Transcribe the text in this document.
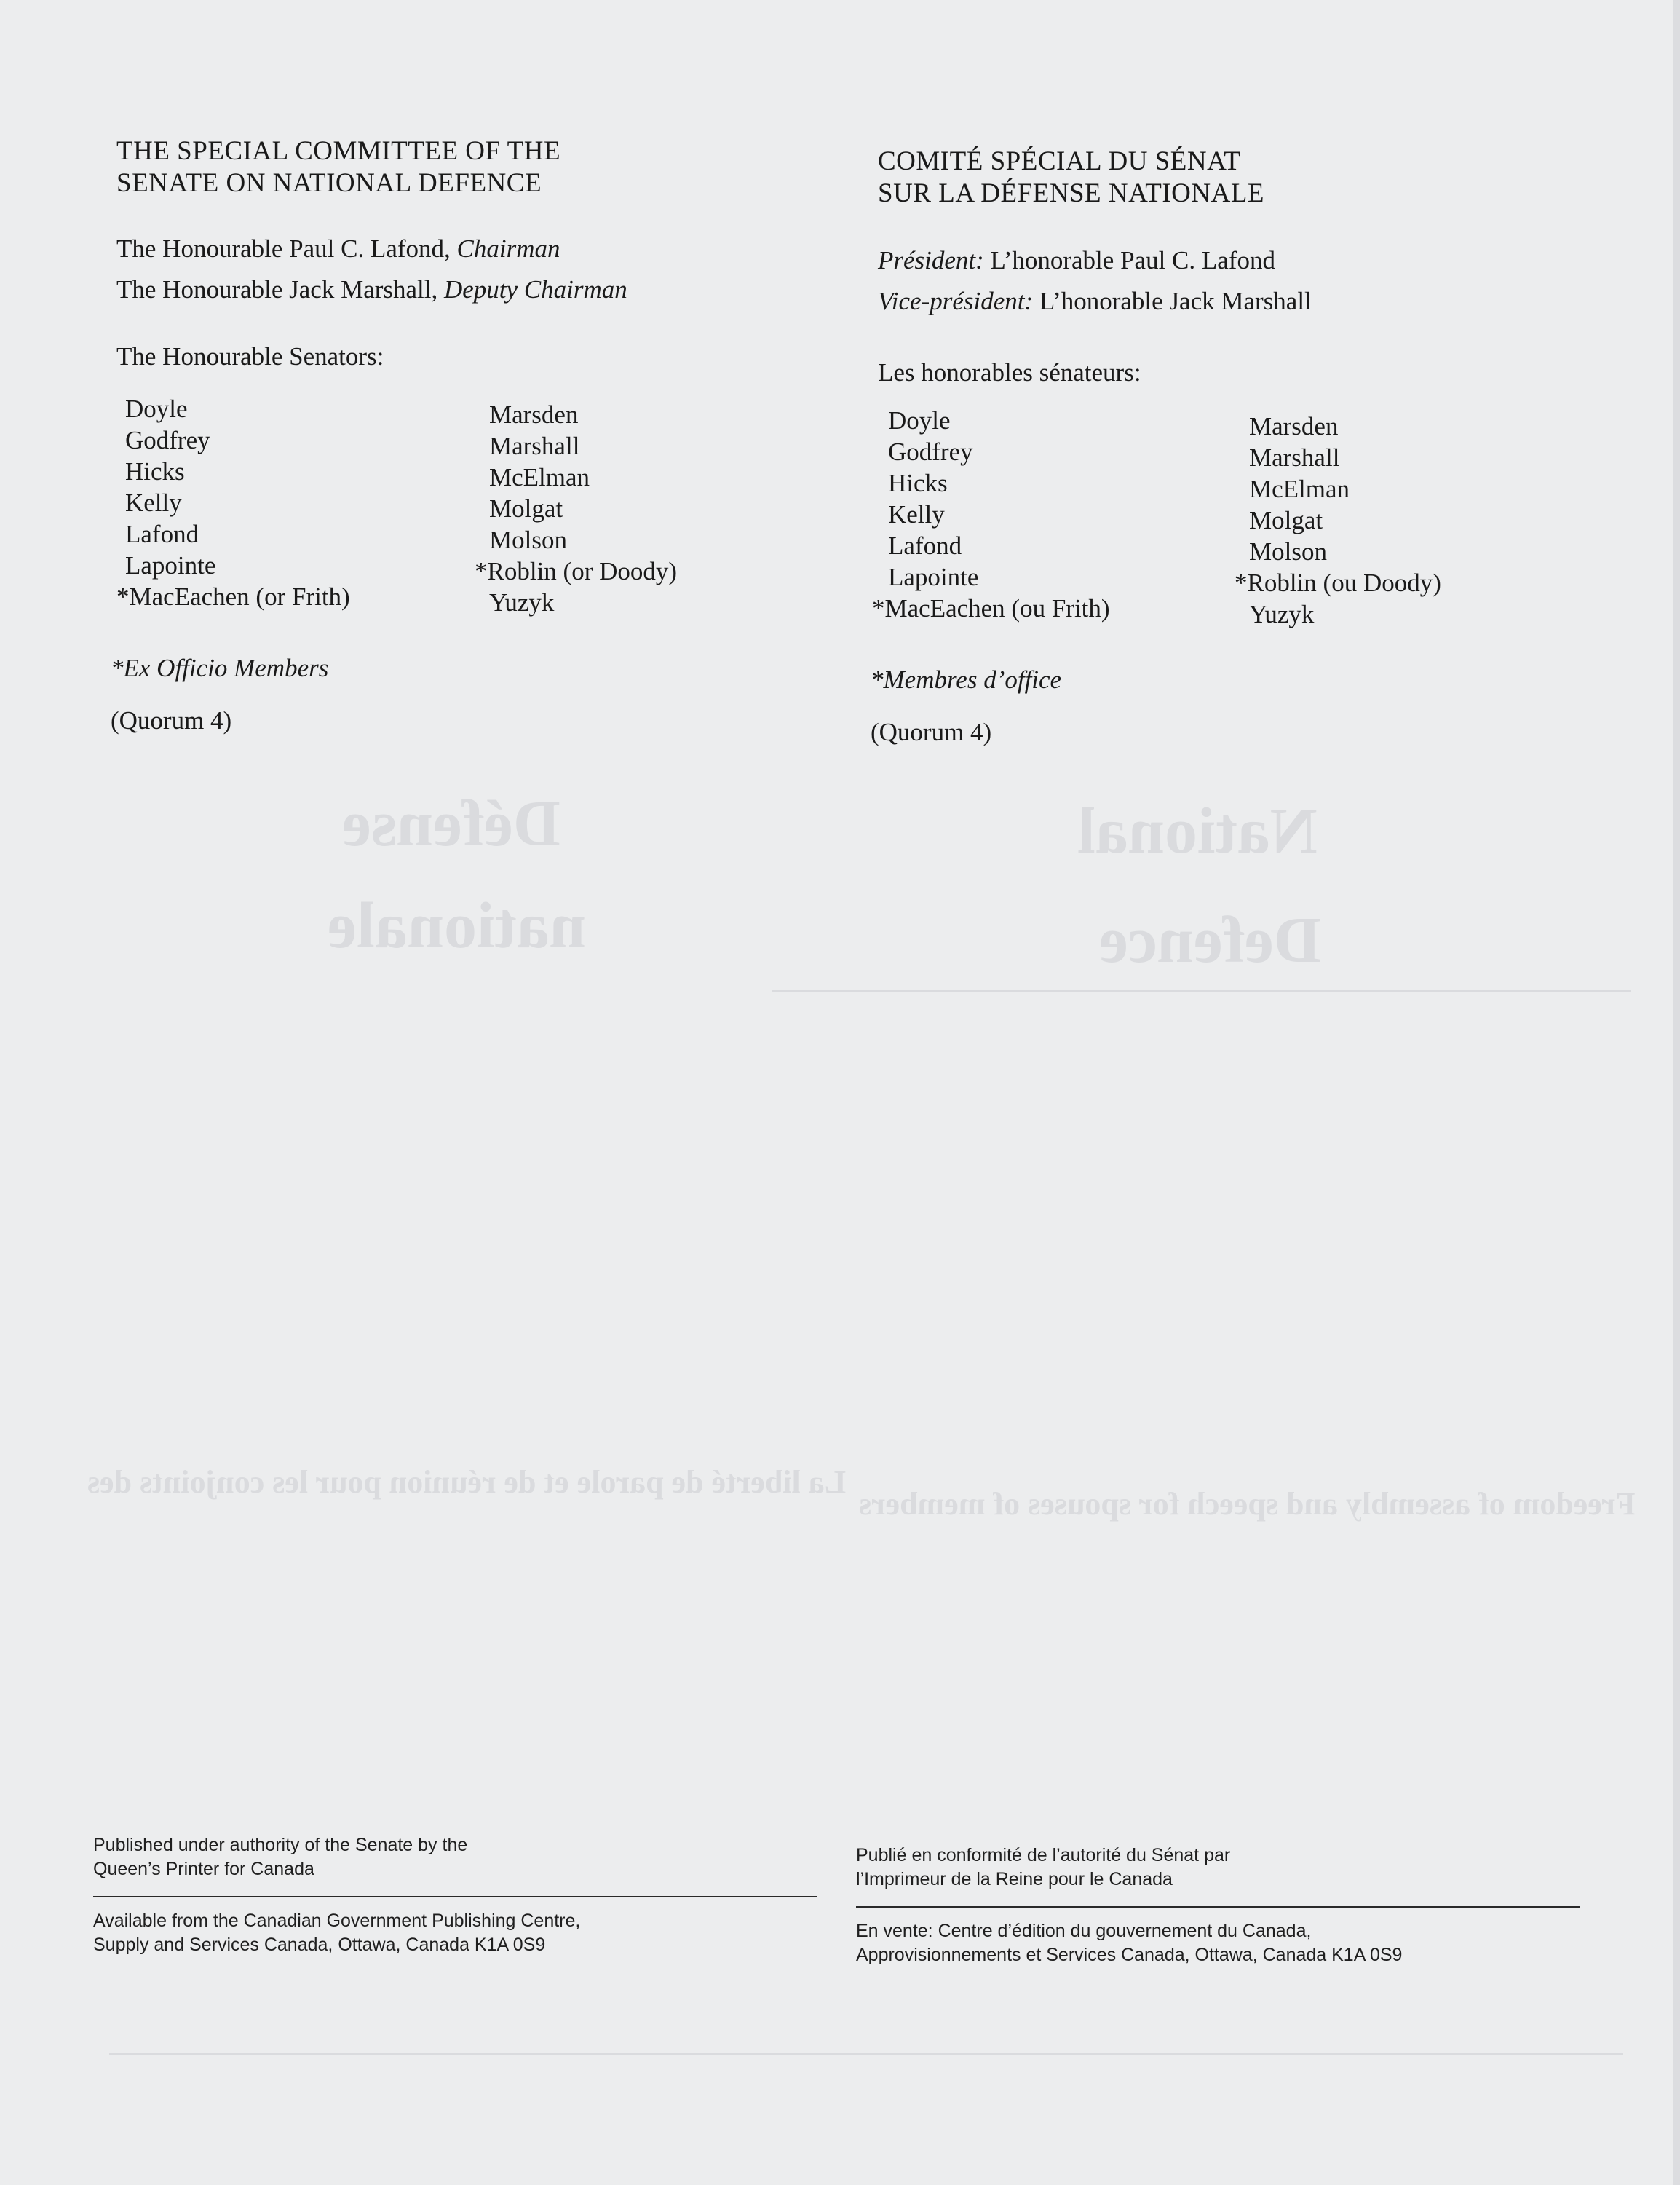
National
Defence
Défense
nationale
Freedom of assembly and speech for spouses of members
La liberté de parole et de réunion pour les conjoints des
THE SPECIAL COMMITTEE OF THE
SENATE ON NATIONAL DEFENCE
The Honourable Paul C. Lafond, Chairman
The Honourable Jack Marshall, Deputy Chairman
The Honourable Senators:
Doyle
Godfrey
Hicks
Kelly
Lafond
Lapointe
*MacEachen (or Frith)
Marsden
Marshall
McElman
Molgat
Molson
*Roblin (or Doody)
Yuzyk
*Ex Officio Members
(Quorum 4)
COMITÉ SPÉCIAL DU SÉNAT
SUR LA DÉFENSE NATIONALE
Président: L’honorable Paul C. Lafond
Vice-président: L’honorable Jack Marshall
Les honorables sénateurs:
Doyle
Godfrey
Hicks
Kelly
Lafond
Lapointe
*MacEachen (ou Frith)
Marsden
Marshall
McElman
Molgat
Molson
*Roblin (ou Doody)
Yuzyk
*Membres d’office
(Quorum 4)
Published under authority of the Senate by the
Queen’s Printer for Canada
Available from the Canadian Government Publishing Centre,
Supply and Services Canada, Ottawa, Canada K1A 0S9
Publié en conformité de l’autorité du Sénat par
l’Imprimeur de la Reine pour le Canada
En vente: Centre d’édition du gouvernement du Canada,
Approvisionnements et Services Canada, Ottawa, Canada K1A 0S9
